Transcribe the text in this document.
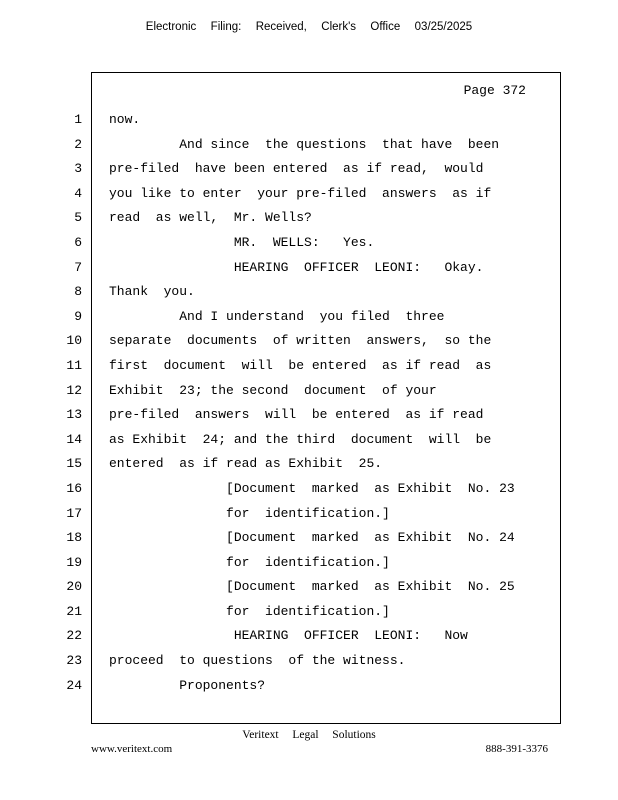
Electronic  Filing:  Received,  Clerk's  Office  03/25/2025
Page 372
1 now.
2 And since  the questions  that have  been
3 pre-filed  have been entered  as if read,  would
4 you like to enter  your pre-filed  answers  as if
5 read  as well,  Mr. Wells?
6 MR.  WELLS:   Yes.
7 HEARING  OFFICER  LEONI:   Okay.
8 Thank  you.
9 And I understand  you filed  three
10 separate  documents  of written  answers,  so the
11 first  document  will  be entered  as if read  as
12 Exhibit  23; the second  document  of your
13 pre-filed  answers  will  be entered  as if read
14 as Exhibit  24; and the third  document  will  be
15 entered  as if read as Exhibit  25.
16 [Document  marked  as Exhibit  No. 23
17 for  identification.]
18 [Document  marked  as Exhibit  No. 24
19 for  identification.]
20 [Document  marked  as Exhibit  No. 25
21 for  identification.]
22 HEARING  OFFICER  LEONI:   Now
23 proceed  to questions  of the witness.
24 Proponents?
Veritext  Legal  Solutions
www.veritext.com	888-391-3376
